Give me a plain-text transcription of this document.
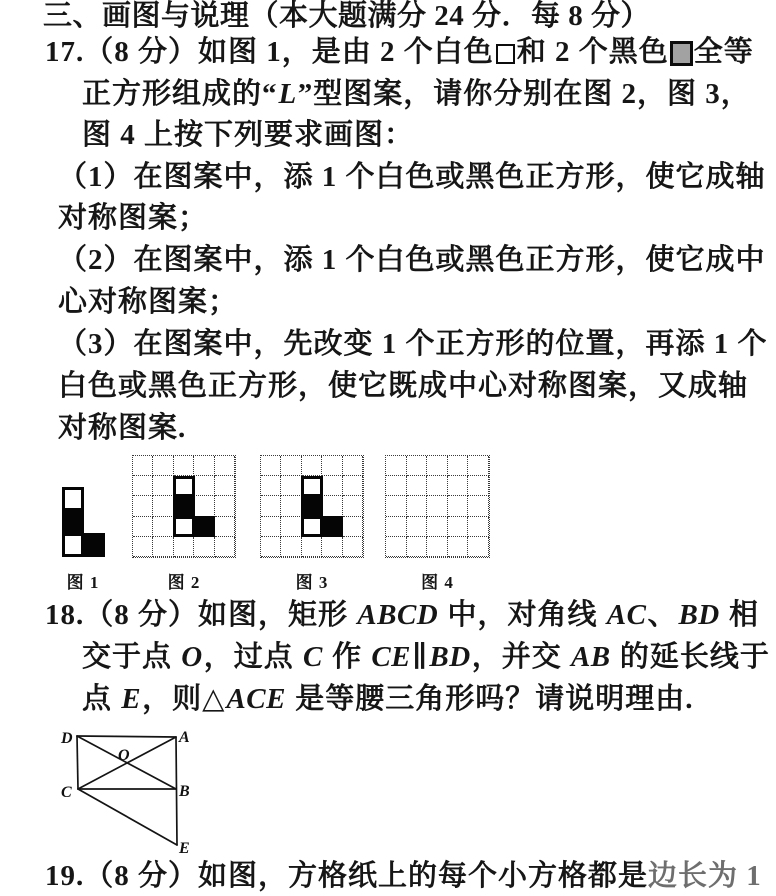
三、画图与说理（本大题满分 24 分．每 8 分）
17.（8 分）如图 1，是由 2 个白色 和 2 个黑色 全等
正方形组成的“L”型图案，请你分别在图 2，图 3，
图 4 上按下列要求画图：
（1）在图案中，添 1 个白色或黑色正方形，使它成轴
对称图案；
（2）在图案中，添 1 个白色或黑色正方形，使它成中
心对称图案；
（3）在图案中，先改变 1 个正方形的位置，再添 1 个
白色或黑色正方形，使它既成中心对称图案，又成轴
对称图案.
图 1	图 2	图 3	图 4
18.（8 分）如图，矩形 ABCD 中，对角线 AC、BD 相
交于点 O，过点 C 作 CE∥BD，并交 AB 的延长线于
点 E，则△ACE 是等腰三角形吗？请说明理由.
D	A
O
C	B
E
19.（8 分）如图，方格纸上的每个小方格都是边长为 1
